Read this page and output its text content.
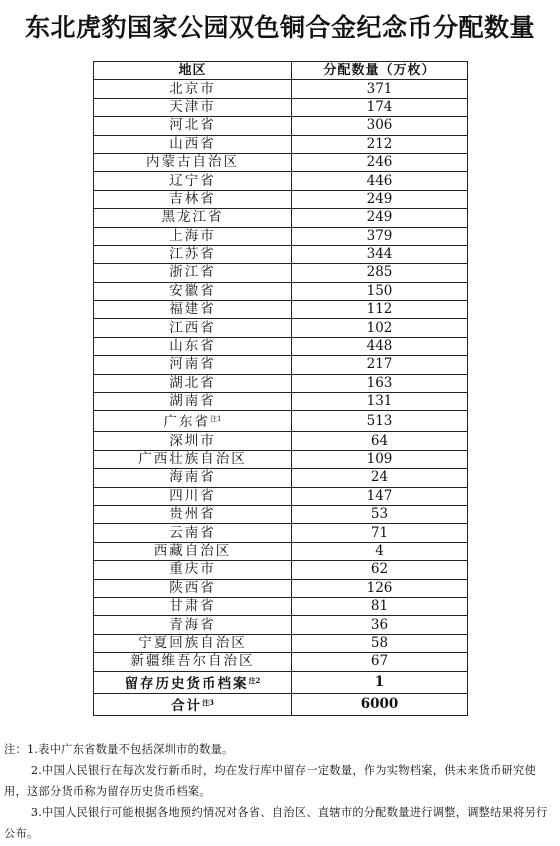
东北虎豹国家公园双色铜合金纪念币分配数量
地区	分配数量（万枚）
北京市	371
天津市	174
河北省	306
山西省	212
内蒙古自治区	246
辽宁省	446
吉林省	249
黑龙江省	249
上海市	379
江苏省	344
浙江省	285
安徽省	150
福建省	112
江西省	102
山东省	448
河南省	217
湖北省	163
湖南省	131
广东省$^{注1}$	513
深圳市	64
广西壮族自治区	109
海南省	24
四川省	147
贵州省	53
云南省	71
西藏自治区	4
重庆市	62
陕西省	126
甘肃省	81
青海省	36
宁夏回族自治区	58
新疆维吾尔自治区	67
留存历史货币档案$^{注2}$	1
合计$^{注3}$	6000

注：1.表中广东省数量不包括深圳市的数量。

2.中国人民银行在每次发行新币时，均在发行库中留存一定数量，作为实物档案，供未来货币研究使用，这部分货币称为留存历史货币档案。

3.中国人民银行可能根据各地预约情况对各省、自治区、直辖市的分配数量进行调整，调整结果将另行公布。
